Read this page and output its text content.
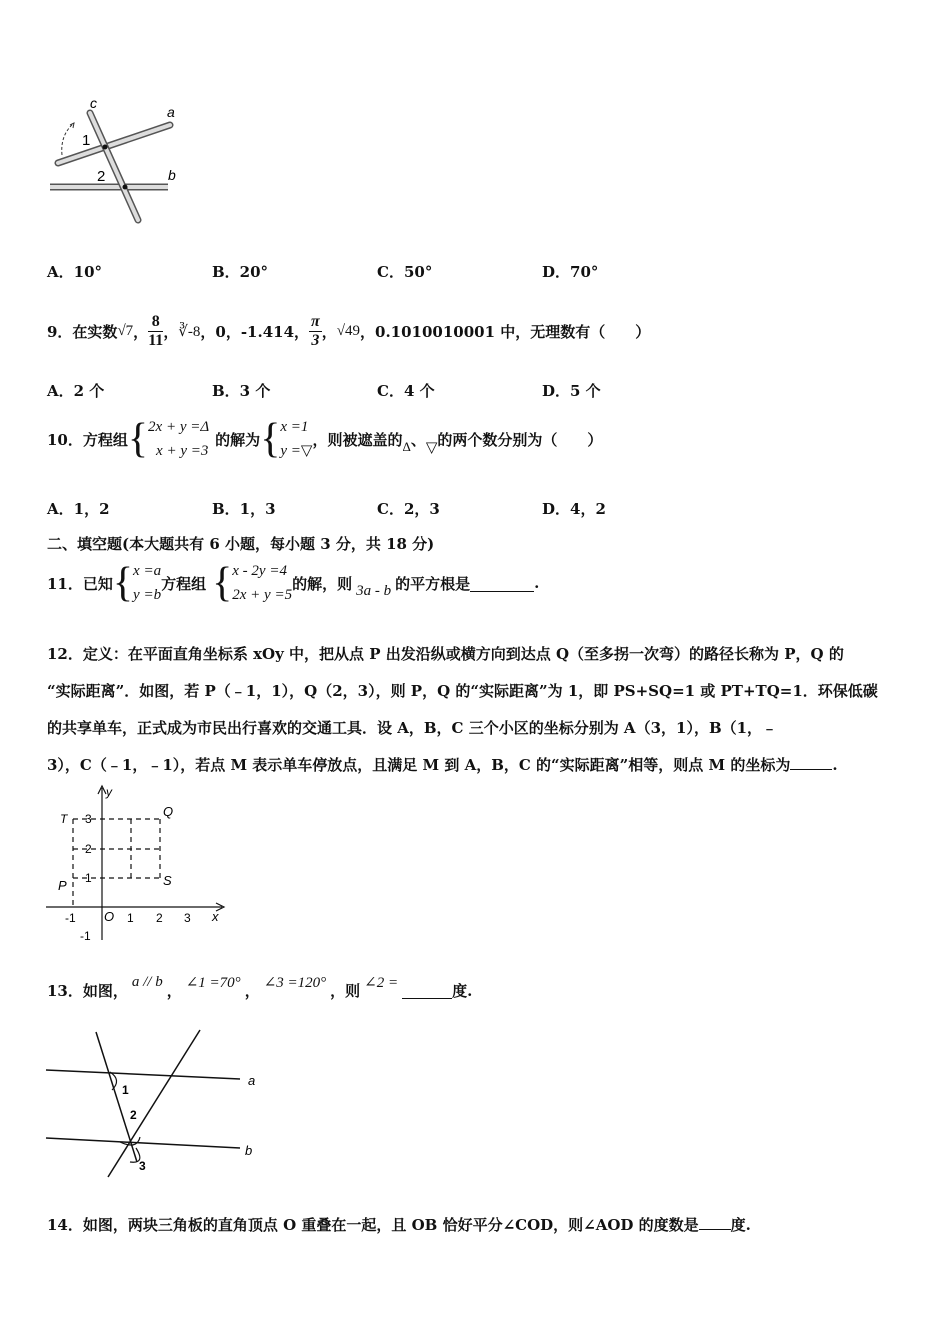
c
a
1
2	b
A．10°	B．20°	C．50°	D．70°
9．在实数 √7 ， $\frac{8}{11}$ ， ∛-8 ，0，-1.414， $\frac{\pi}{3}$ ， √49 ，0.1010010001 中，无理数有（　　）
A．2 个	B．3 个	C．4 个	D．5 个
10．方程组 { 2x + y =Δ
x + y =3
的解为 { x =1
y =▽
，则被遮盖的 Δ 、 ▽ 的两个数分别为（　　）
A．1，2	B．1，3	C．2，3	D．4，2
二、填空题(本大题共有 6 小题，每小题 3 分，共 18 分)
11．已知 { x =a
y =b
方程组 { x - 2y =4
2x + y =5
的解，则 3a - b 的平方根是	.
12．定义：在平面直角坐标系 xOy 中，把从点 P 出发沿纵或横方向到达点 Q（至多拐一次弯）的路径长称为 P，Q 的
“实际距离”．如图，若 P（﹣1，1），Q（2，3），则 P，Q 的“实际距离”为 1，即 PS+SQ=1 或 PT+TQ=1．环保低碳
的共享单车，正式成为市民出行喜欢的交通工具．设 A，B，C 三个小区的坐标分别为 A（3，1），B（1，﹣
3），C（﹣1，﹣1），若点 M 表示单车停放点，且满足 M 到 A，B，C 的“实际距离”相等，则点 M 的坐标为	.
T	Q
P	S
y
O	x
-1	1 2 3
-1
1
2
3
13．如图， a // b ， ∠1 =70° ， ∠3 =120° ，则 ∠2 =	度.
a
b
1
2
3
14．如图，两块三角板的直角顶点 O 重叠在一起，且 OB 恰好平分∠COD，则∠AOD 的度数是 度.
